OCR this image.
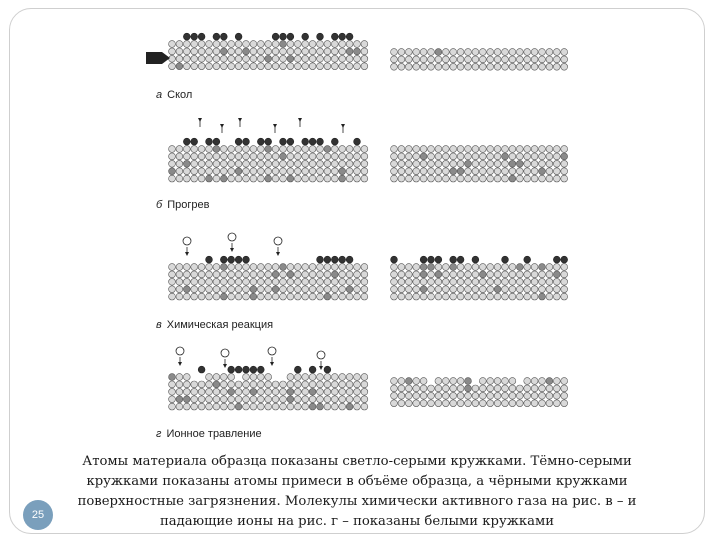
а Скол
б Прогрев
в Химическая реакция
г Ионное травление
Атомы материала образца показаны светло-серыми кружками. Тёмно-серыми
кружками показаны атомы примеси в объёме образца, а чёрными кружками
поверхностные загрязнения. Молекулы химически активного газа на рис. в – и
падающие ионы на рис. г – показаны белыми кружками
25
